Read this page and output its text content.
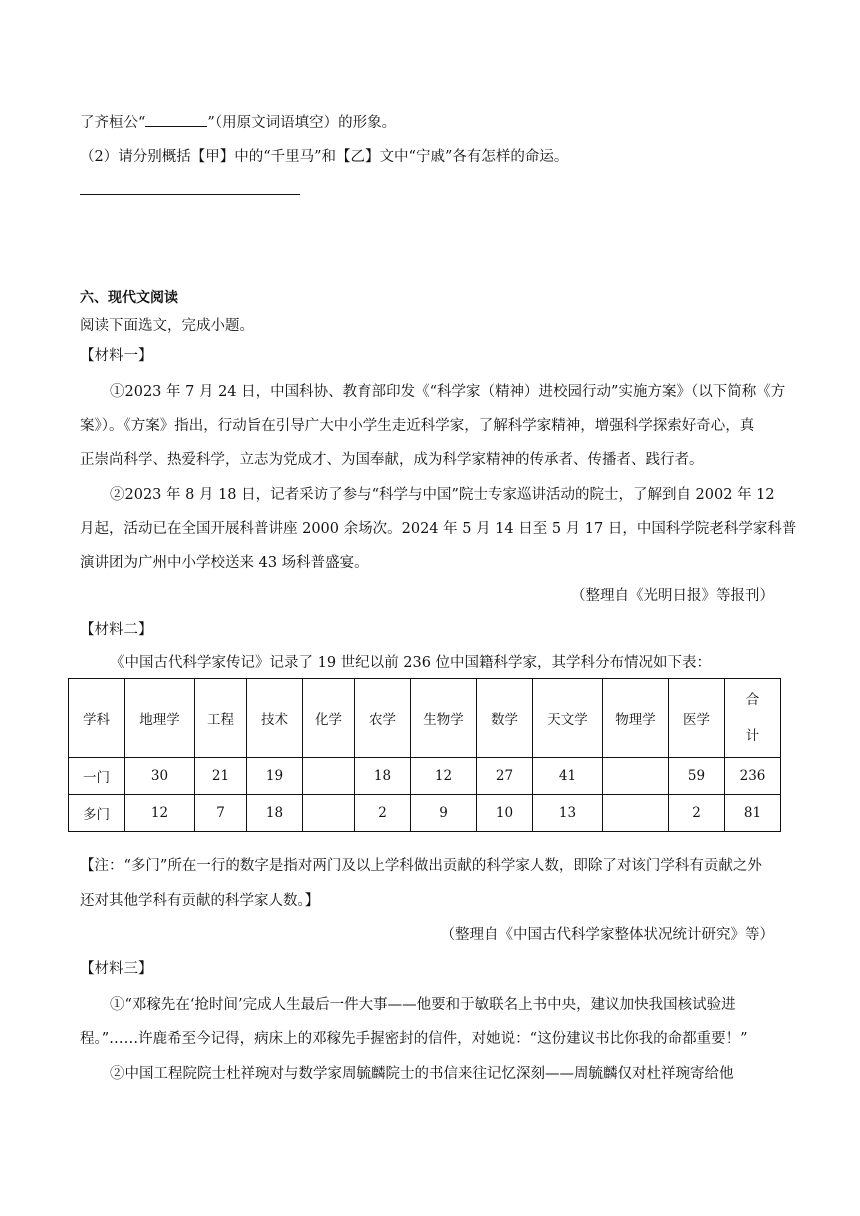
了齐桓公“	”（用原文词语填空）的形象。
（2）请分别概括【甲】中的“千里马”和【乙】文中“宁戚”各有怎样的命运。
六、现代文阅读
阅读下面选文，完成小题。
【材料一】
①2023 年 7 月 24 日，中国科协、教育部印发《“科学家（精神）进校园行动”实施方案》（以下简称《方
案》）。《方案》指出，行动旨在引导广大中小学生走近科学家，了解科学家精神，增强科学探索好奇心，真
正崇尚科学、热爱科学，立志为党成才、为国奉献，成为科学家精神的传承者、传播者、践行者。
②2023 年 8 月 18 日，记者采访了参与“科学与中国”院士专家巡讲活动的院士，了解到自 2002 年 12
月起，活动已在全国开展科普讲座 2000 余场次。2024 年 5 月 14 日至 5 月 17 日，中国科学院老科学家科普
演讲团为广州中小学校送来 43 场科普盛宴。
（整理自《光明日报》等报刊）
【材料二】
《中国古代科学家传记》记录了 19 世纪以前 236 位中国籍科学家，其学科分布情况如下表：
学科	地理学	工程	技术	化学	农学	生物学	数学	天文学	物理学	医学	合
计

一门	30	21	19		18	12	27	41		59	236
多门	12	7	18		2	9	10	13		2	81
【注：“多门”所在一行的数字是指对两门及以上学科做出贡献的科学家人数，即除了对该门学科有贡献之外
还对其他学科有贡献的科学家人数。】
（整理自《中国古代科学家整体状况统计研究》等）
【材料三】
①“邓稼先在‘抢时间’完成人生最后一件大事——他要和于敏联名上书中央，建议加快我国核试验进
程。”……许鹿希至今记得，病床上的邓稼先手握密封的信件，对她说：“这份建议书比你我的命都重要！”
②中国工程院院士杜祥琬对与数学家周毓麟院士的书信来往记忆深刻——周毓麟仅对杜祥琬寄给他
